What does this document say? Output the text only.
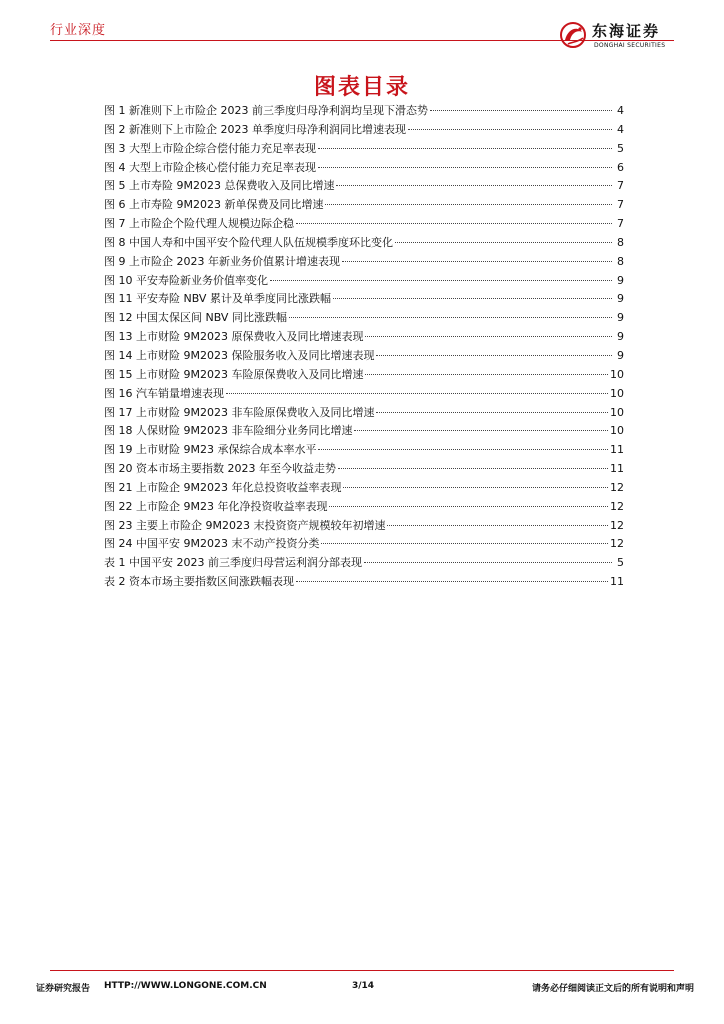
行业深度	东海证券
DONGHAI SECURITIES
图表目录
图 1 新准则下上市险企 2023 前三季度归母净利润均呈现下滑态势	4
图 2 新准则下上市险企 2023 单季度归母净利润同比增速表现	4
图 3 大型上市险企综合偿付能力充足率表现	5
图 4 大型上市险企核心偿付能力充足率表现	6
图 5 上市寿险 9M2023 总保费收入及同比增速	7
图 6 上市寿险 9M2023 新单保费及同比增速	7
图 7 上市险企个险代理人规模边际企稳	7
图 8 中国人寿和中国平安个险代理人队伍规模季度环比变化	8
图 9 上市险企 2023 年新业务价值累计增速表现	8
图 10 平安寿险新业务价值率变化	9
图 11 平安寿险 NBV 累计及单季度同比涨跌幅	9
图 12 中国太保区间 NBV 同比涨跌幅	9
图 13 上市财险 9M2023 原保费收入及同比增速表现	9
图 14 上市财险 9M2023 保险服务收入及同比增速表现	9
图 15 上市财险 9M2023 车险原保费收入及同比增速	10
图 16 汽车销量增速表现	10
图 17 上市财险 9M2023 非车险原保费收入及同比增速	10
图 18 人保财险 9M2023 非车险细分业务同比增速	10
图 19 上市财险 9M23 承保综合成本率水平	11
图 20 资本市场主要指数 2023 年至今收益走势	11
图 21 上市险企 9M2023 年化总投资收益率表现	12
图 22 上市险企 9M23 年化净投资收益率表现	12
图 23 主要上市险企 9M2023 末投资资产规模较年初增速	12
图 24 中国平安 9M2023 末不动产投资分类	12
表 1 中国平安 2023 前三季度归母营运利润分部表现	5
表 2 资本市场主要指数区间涨跌幅表现	11
证券研究报告 HTTP://WWW.LONGONE.COM.CN	3/14	请务必仔细阅读正文后的所有说明和声明
